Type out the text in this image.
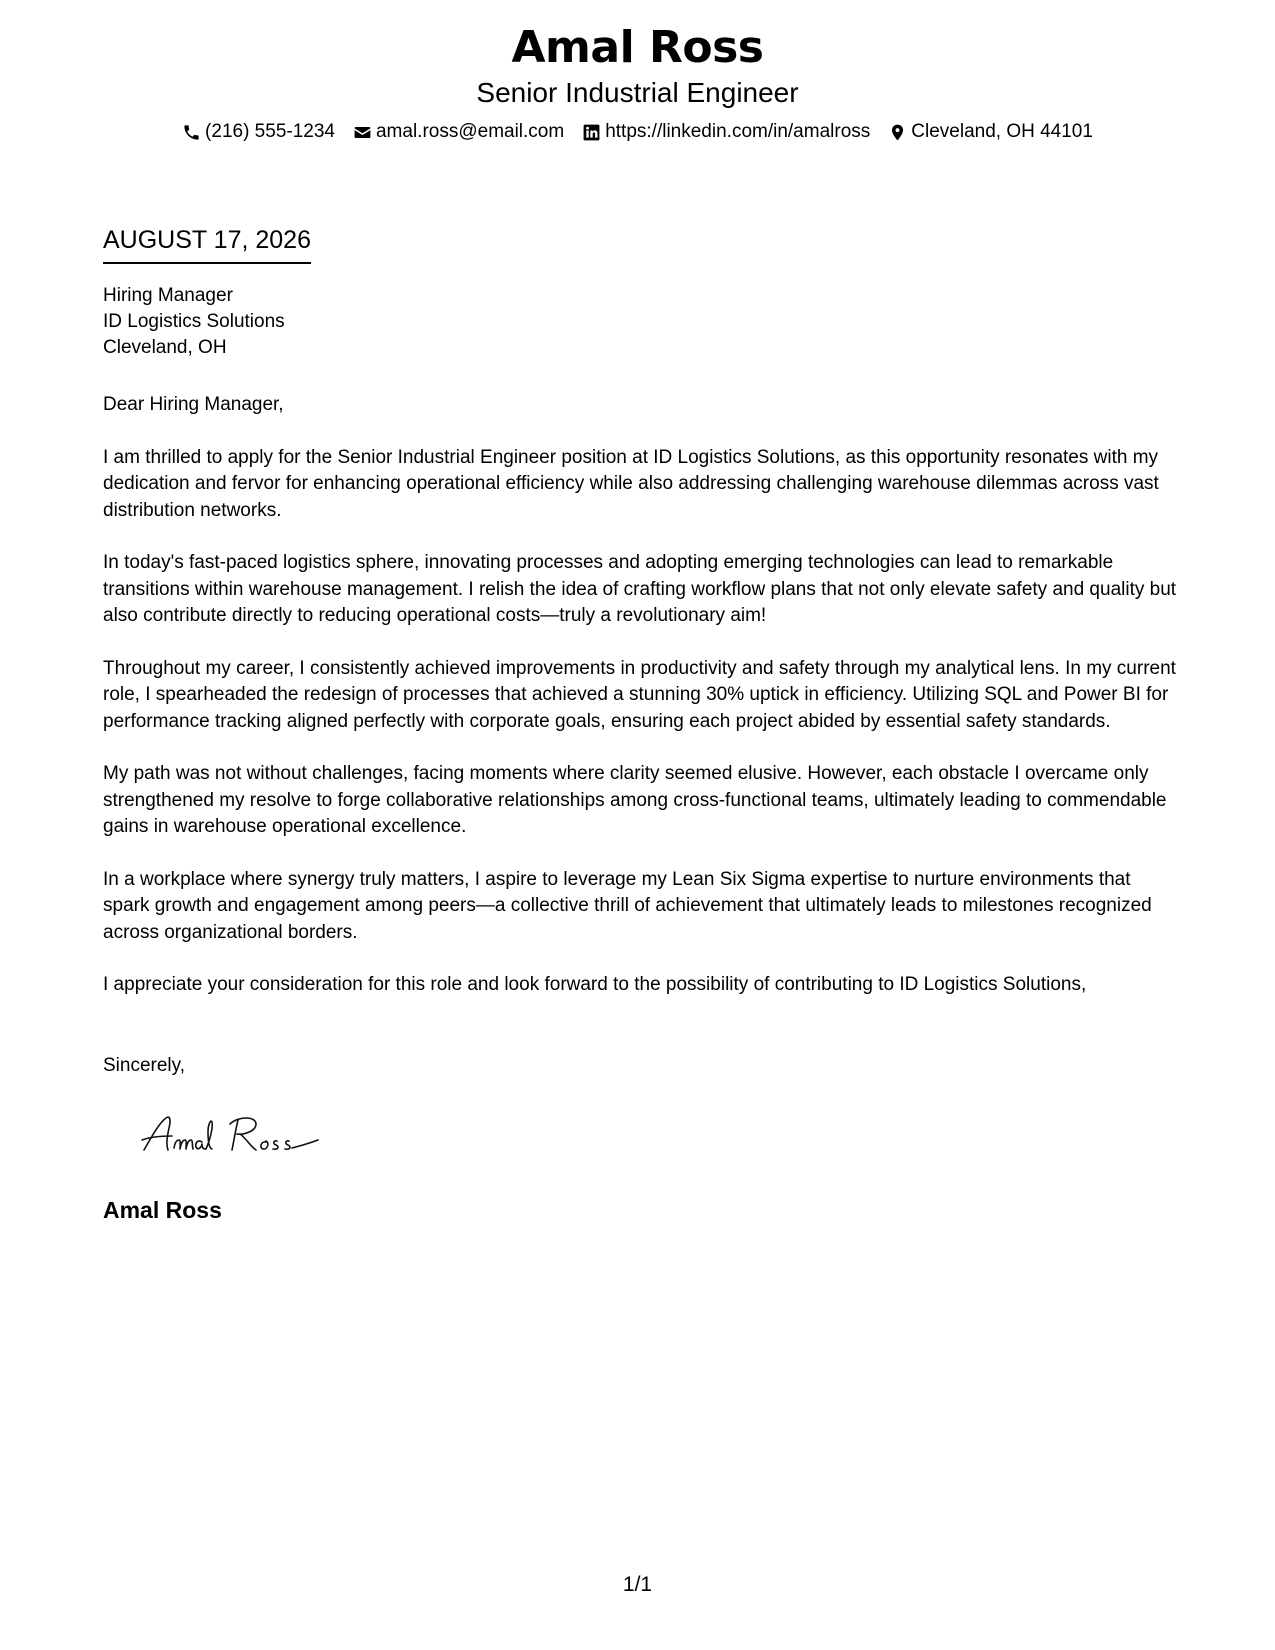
Amal Ross
Senior Industrial Engineer
(216) 555-1234 amal.ross@email.com https://linkedin.com/in/amalross Cleveland, OH 44101
AUGUST 17, 2026
Hiring Manager
ID Logistics Solutions
Cleveland, OH

Dear Hiring Manager,

I am thrilled to apply for the Senior Industrial Engineer position at ID Logistics Solutions, as this opportunity resonates with my dedication and fervor for enhancing operational efficiency while also addressing challenging warehouse dilemmas across vast distribution networks.

In today's fast-paced logistics sphere, innovating processes and adopting emerging technologies can lead to remarkable transitions within warehouse management. I relish the idea of crafting workflow plans that not only elevate safety and quality but also contribute directly to reducing operational costs—truly a revolutionary aim!

Throughout my career, I consistently achieved improvements in productivity and safety through my analytical lens. In my current role, I spearheaded the redesign of processes that achieved a stunning 30% uptick in efficiency. Utilizing SQL and Power BI for performance tracking aligned perfectly with corporate goals, ensuring each project abided by essential safety standards.

My path was not without challenges, facing moments where clarity seemed elusive. However, each obstacle I overcame only strengthened my resolve to forge collaborative relationships among cross-functional teams, ultimately leading to commendable gains in warehouse operational excellence.

In a workplace where synergy truly matters, I aspire to leverage my Lean Six Sigma expertise to nurture environments that spark growth and engagement among peers—a collective thrill of achievement that ultimately leads to milestones recognized across organizational borders.

I appreciate your consideration for this role and look forward to the possibility of contributing to ID Logistics Solutions,

Sincerely,
Amal Ross
1/1
